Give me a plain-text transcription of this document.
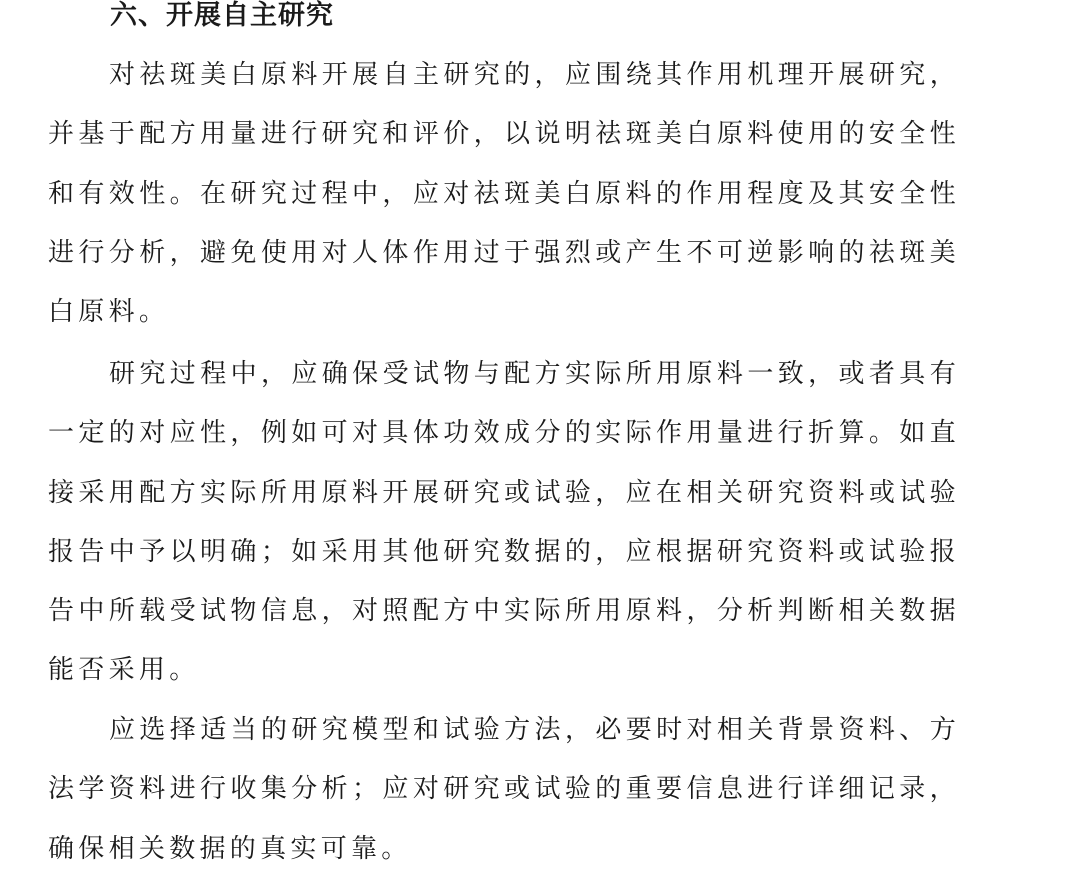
六、开展自主研究

对祛斑美白原料开展自主研究的，应围绕其作用机理开展研究，并基于配方用量进行研究和评价，以说明祛斑美白原料使用的安全性和有效性。在研究过程中，应对祛斑美白原料的作用程度及其安全性进行分析，避免使用对人体作用过于强烈或产生不可逆影响的祛斑美白原料。

研究过程中，应确保受试物与配方实际所用原料一致，或者具有一定的对应性，例如可对具体功效成分的实际作用量进行折算。如直接采用配方实际所用原料开展研究或试验，应在相关研究资料或试验报告中予以明确；如采用其他研究数据的，应根据研究资料或试验报告中所载受试物信息，对照配方中实际所用原料，分析判断相关数据能否采用。

应选择适当的研究模型和试验方法，必要时对相关背景资料、方法学资料进行收集分析；应对研究或试验的重要信息进行详细记录，确保相关数据的真实可靠。
